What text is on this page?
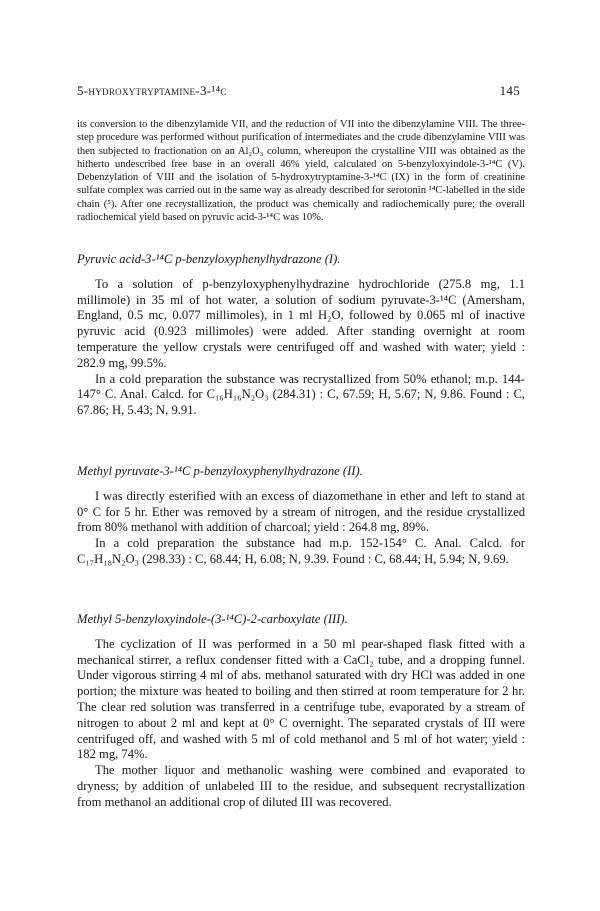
5-hydroxytryptamine-3-¹⁴c	145

its conversion to the dibenzylamide VII, and the reduction of VII into the dibenzylamine VIII. The three-step procedure was performed without purification of intermediates and the crude dibenzylamine VIII was then subjected to fractionation on an Al₂O₃ column, whereupon the crystalline VIII was obtained as the hitherto undescribed free base in an overall 46% yield, calculated on 5-benzyloxyindole-3-¹⁴C (V). Debenzylation of VIII and the isolation of 5-hydroxytryptamine-3-¹⁴C (IX) in the form of creatinine sulfate complex was carried out in the same way as already described for serotonin ¹⁴C-labelled in the side chain (⁵). After one recrystallization, the product was chemically and radiochemically pure; the overall radiochemical yield based on pyruvic acid-3-¹⁴C was 10%.

Pyruvic acid-3-¹⁴C p-benzyloxyphenylhydrazone (I).

To a solution of p-benzyloxyphenylhydrazine hydrochloride (275.8 mg, 1.1 millimole) in 35 ml of hot water, a solution of sodium pyruvate-3-¹⁴C (Amersham, England, 0.5 mc, 0.077 millimoles), in 1 ml H₂O, followed by 0.065 ml of inactive pyruvic acid (0.923 millimoles) were added. After standing overnight at room temperature the yellow crystals were centrifuged off and washed with water; yield : 282.9 mg, 99.5%.

In a cold preparation the substance was recrystallized from 50% ethanol; m.p. 144-147° C. Anal. Calcd. for C₁₆H₁₆N₂O₃ (284.31) : C, 67.59; H, 5.67; N, 9.86. Found : C, 67.86; H, 5.43; N, 9.91.

Methyl pyruvate-3-¹⁴C p-benzyloxyphenylhydrazone (II).

I was directly esterified with an excess of diazomethane in ether and left to stand at 0° C for 5 hr. Ether was removed by a stream of nitrogen, and the residue crystallized from 80% methanol with addition of charcoal; yield : 264.8 mg, 89%.

In a cold preparation the substance had m.p. 152-154° C. Anal. Calcd. for C₁₇H₁₈N₂O₃ (298.33) : C, 68.44; H, 6.08; N, 9.39. Found : C, 68.44; H, 5.94; N, 9.69.

Methyl 5-benzyloxyindole-(3-¹⁴C)-2-carboxylate (III).

The cyclization of II was performed in a 50 ml pear-shaped flask fitted with a mechanical stirrer, a reflux condenser fitted with a CaCl₂ tube, and a dropping funnel. Under vigorous stirring 4 ml of abs. methanol saturated with dry HCl was added in one portion; the mixture was heated to boiling and then stirred at room temperature for 2 hr. The clear red solution was transferred in a centrifuge tube, evaporated by a stream of nitrogen to about 2 ml and kept at 0° C overnight. The separated crystals of III were centrifuged off, and washed with 5 ml of cold methanol and 5 ml of hot water; yield : 182 mg, 74%.

The mother liquor and methanolic washing were combined and evaporated to dryness; by addition of unlabeled III to the residue, and subsequent recrystallization from methanol an additional crop of diluted III was recovered.
